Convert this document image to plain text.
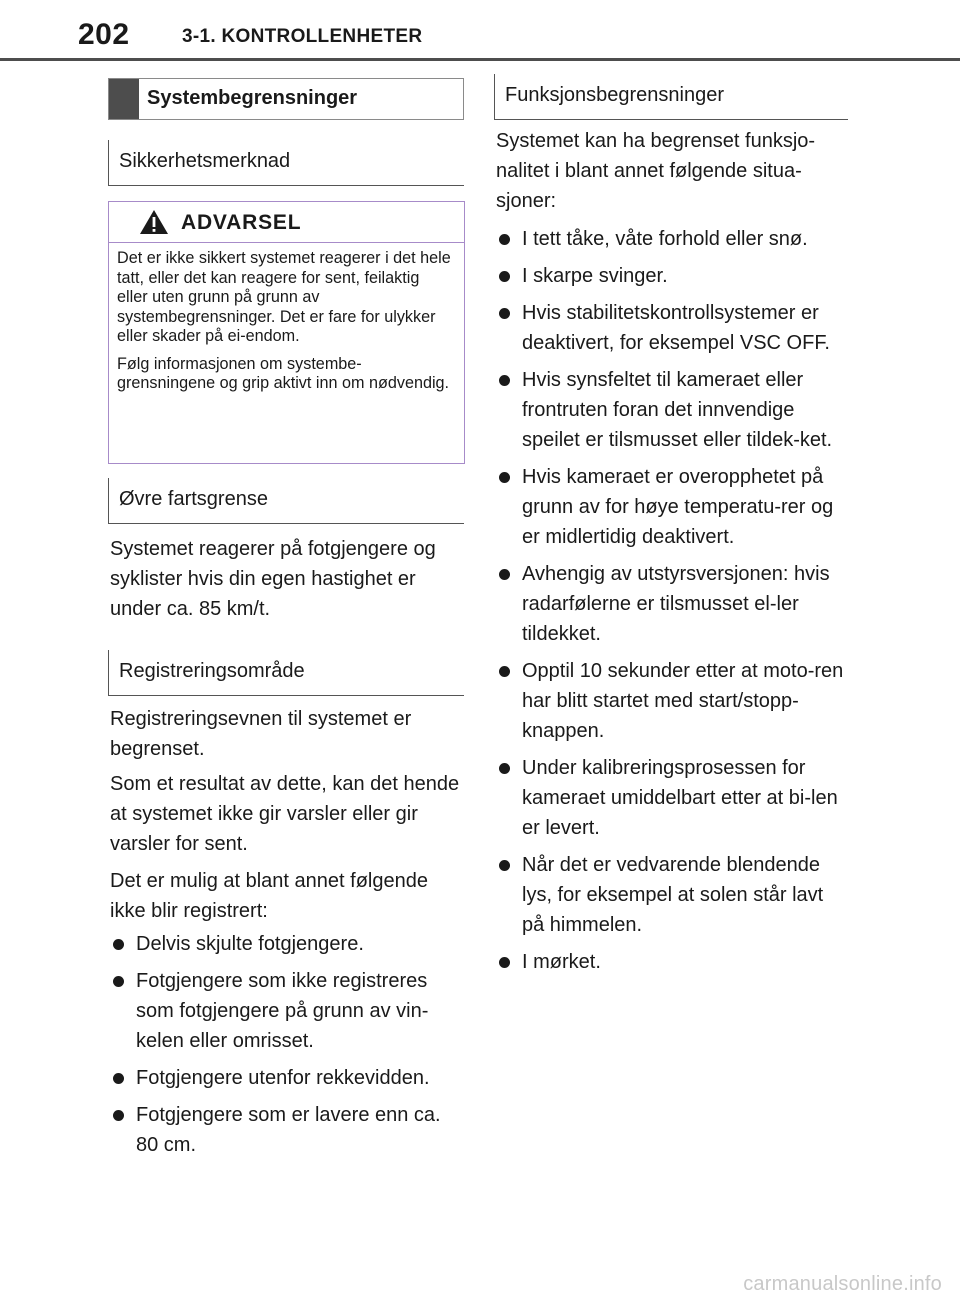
202	3-1. KONTROLLENHETER
Systembegrensninger
Sikkerhetsmerknad
ADVARSEL

Det er ikke sikkert systemet reagerer i det hele tatt, eller det kan reagere for sent, feilaktig eller uten grunn på grunn av systembegrensninger. Det er fare for ulykker eller skader på ei-endom.

Følg informasjonen om systembe-grensningene og grip aktivt inn om nødvendig.

Øvre fartsgrense

Systemet reagerer på fotgjengere og syklister hvis din egen hastighet er under ca. 85 km/t.

Registreringsområde

Registreringsevnen til systemet er begrenset.

Som et resultat av dette, kan det hende at systemet ikke gir varsler eller gir varsler for sent.

Det er mulig at blant annet følgende ikke blir registrert:

Delvis skjulte fotgjengere.
Fotgjengere som ikke registreres som fotgjengere på grunn av vin-kelen eller omrisset.
Fotgjengere utenfor rekkevidden.
Fotgjengere som er lavere enn ca. 80 cm.
Funksjonsbegrensninger

Systemet kan ha begrenset funksjo-nalitet i blant annet følgende situa-sjoner:

I tett tåke, våte forhold eller snø.
I skarpe svinger.
Hvis stabilitetskontrollsystemer er deaktivert, for eksempel VSC OFF.
Hvis synsfeltet til kameraet eller frontruten foran det innvendige speilet er tilsmusset eller tildek-ket.
Hvis kameraet er overopphetet på grunn av for høye temperatu-rer og er midlertidig deaktivert.
Avhengig av utstyrsversjonen: hvis radarfølerne er tilsmusset el-ler tildekket.
Opptil 10 sekunder etter at moto-ren har blitt startet med start/stopp-knappen.
Under kalibreringsprosessen for kameraet umiddelbart etter at bi-len er levert.
Når det er vedvarende blendende lys, for eksempel at solen står lavt på himmelen.
I mørket.
carmanualsonline.info
